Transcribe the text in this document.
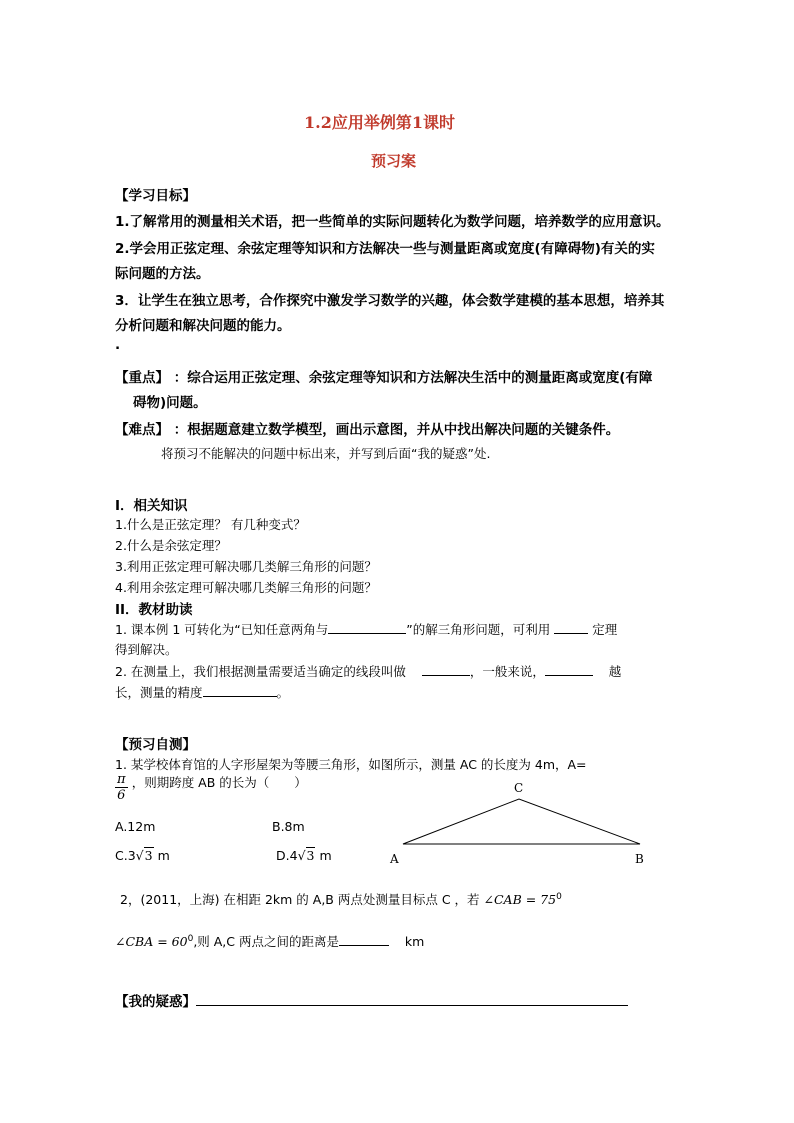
1.2应用举例第1课时
预习案
【学习目标】
1.了解常用的测量相关术语，把一些简单的实际问题转化为数学问题，培养数学的应用意识。
2.学会用正弦定理、余弦定理等知识和方法解决一些与测量距离或宽度(有障碍物)有关的实
际问题的方法。
3．让学生在独立思考，合作探究中激发学习数学的兴趣，体会数学建模的基本思想，培养其
分析问题和解决问题的能力。
.
【重点】 ：综合运用正弦定理、余弦定理等知识和方法解决生活中的测量距离或宽度(有障
碍物)问题。
【难点】 ：根据题意建立数学模型，画出示意图，并从中找出解决问题的关键条件。
将预习不能解决的问题中标出来，并写到后面“我的疑惑”处.
I．相关知识
1.什么是正弦定理？ 有几种变式？
2.什么是余弦定理？
3.利用正弦定理可解决哪几类解三角形的问题？
4.利用余弦定理可解决哪几类解三角形的问题？
II．教材助读
1. 课本例 1 可转化为“已知任意两角与	”的解三角形问题，可利用	定理
得到解决。
2. 在测量上，我们根据测量需要适当确定的线段叫做	，一般来说，	越
长，测量的精度	。
【预习自测】
1. 某学校体育馆的人字形屋架为等腰三角形，如图所示，测量 AC 的长度为 4m，A=
$\frac{\pi}{6}$ ，则期跨度 AB 的长为（　　）
A.12m	B.8m
C.3√3 m	D.4√3 m	A	B
C
2，(2011，上海) 在相距 2km 的 A,B 两点处测量目标点 C ，若 ∠CAB = $75^0$
∠CBA = $60^0$,则 A,C 两点之间的距离是	km
【我的疑惑】
